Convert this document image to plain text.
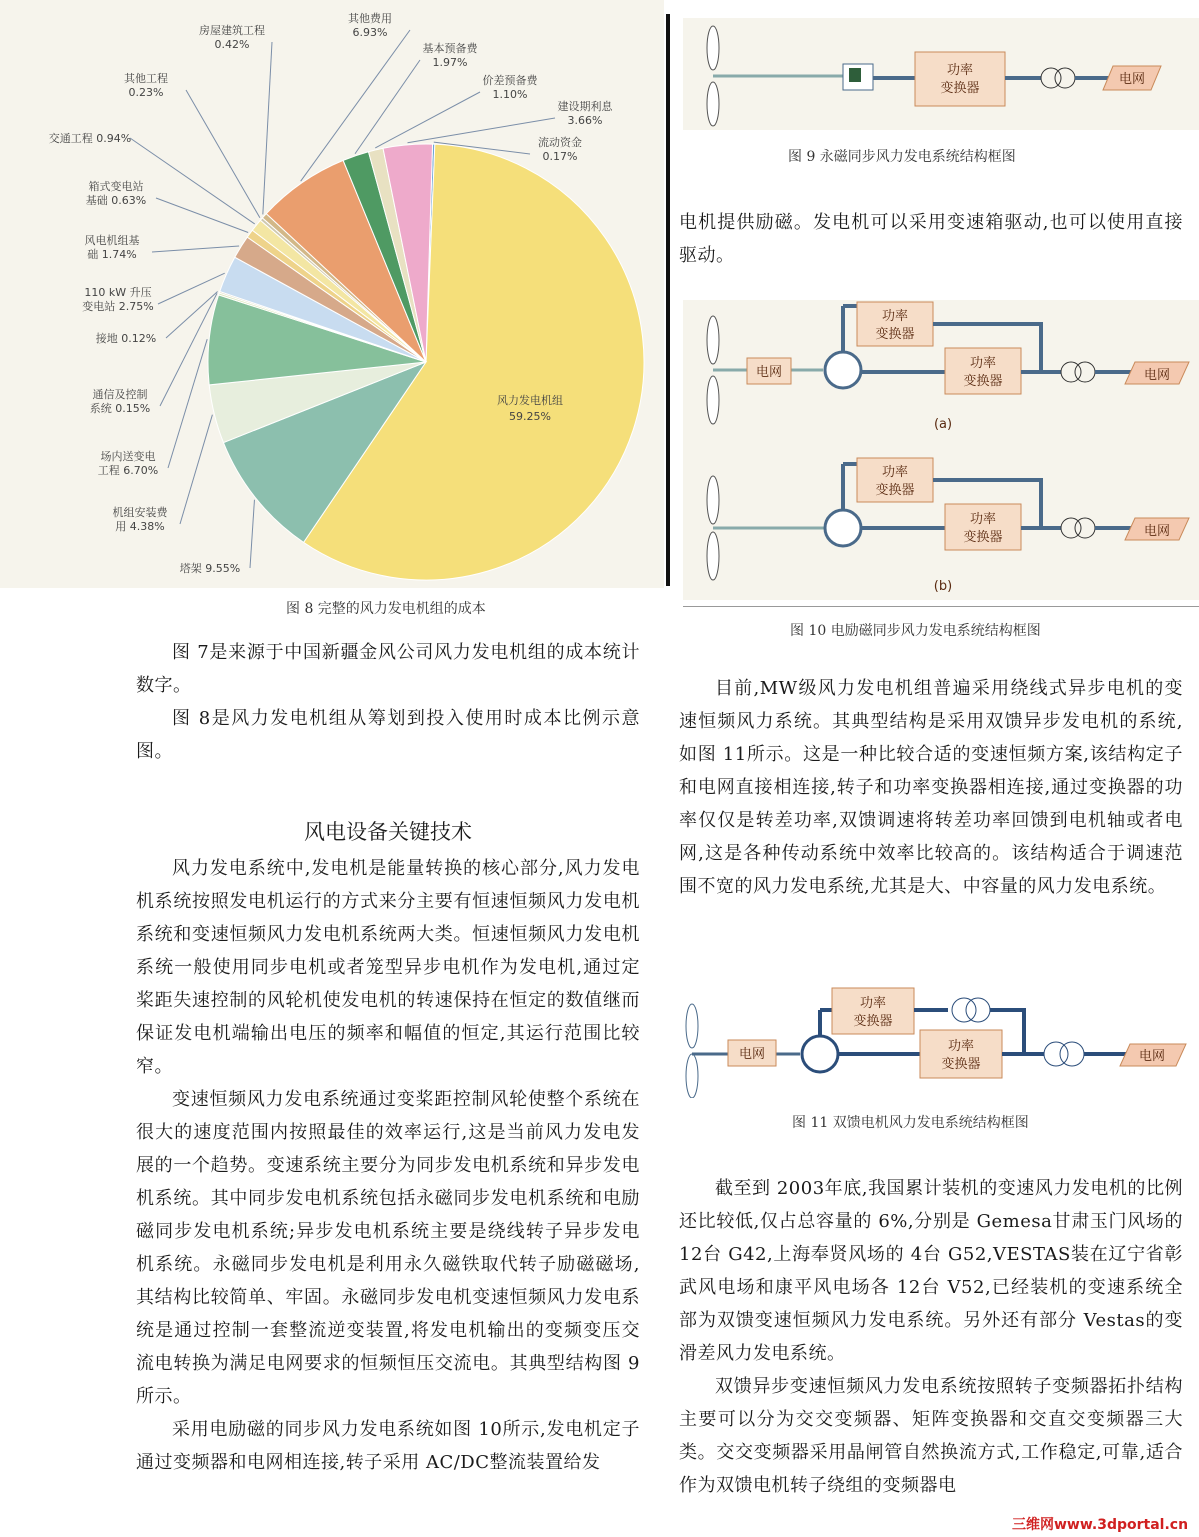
房屋建筑工程 0.42%
其他费用 6.93%
基本预备费 1.97%
价差预备费 1.10%
建设期利息 3.66%
流动资金 0.17%
其他工程 0.23%
交通工程 0.94%
箱式变电站基础 0.63%
风电机组基础 1.74%
110 kW 升压变电站 2.75%
接地 0.12%
通信及控制系统 0.15%
场内送变电工程 6.70%
机组安装费用 4.38%
塔架 9.55%
风力发电机组
59.25%
图 8 完整的风力发电机组的成本
功率
变换器
电网
图 9 永磁同步风力发电系统结构框图

电机提供励磁。发电机可以采用变速箱驱动,也可以使用直接驱动。

电网
功率
变换器
功率
变换器	电网
(a)
功率
变换器
功率
变换器	电网
(b)
图 10 电励磁同步风力发电系统结构框图

目前,MW级风力发电机组普遍采用绕线式异步电机的变速恒频风力系统。其典型结构是采用双馈异步发电机的系统,如图 11所示。这是一种比较合适的变速恒频方案,该结构定子和电网直接相连接,转子和功率变换器相连接,通过变换器的功率仅仅是转差功率,双馈调速将转差功率回馈到电机轴或者电网,这是各种传动系统中效率比较高的。该结构适合于调速范围不宽的风力发电系统,尤其是大、中容量的风力发电系统。

电网
功率
变换器
功率
变换器
电网
图 11 双馈电机风力发电系统结构框图

截至到 2003年底,我国累计装机的变速风力发电机的比例还比较低,仅占总容量的 6%,分别是 Gemesa甘肃玉门风场的 12台 G42,上海奉贤风场的 4台 G52,VESTAS装在辽宁省彰武风电场和康平风电场各 12台 V52,已经装机的变速系统全部为双馈变速恒频风力发电系统。另外还有部分 Vestas的变滑差风力发电系统。

双馈异步变速恒频风力发电系统按照转子变频器拓扑结构主要可以分为交交变频器、矩阵变换器和交直交变频器三大类。交交变频器采用晶闸管自然换流方式,工作稳定,可靠,适合作为双馈电机转子绕组的变频器电

图 7是来源于中国新疆金风公司风力发电机组的成本统计数字。

图 8是风力发电机组从筹划到投入使用时成本比例示意图。

风电设备关键技术

风力发电系统中,发电机是能量转换的核心部分,风力发电机系统按照发电机运行的方式来分主要有恒速恒频风力发电机系统和变速恒频风力发电机系统两大类。恒速恒频风力发电机系统一般使用同步电机或者笼型异步电机作为发电机,通过定桨距失速控制的风轮机使发电机的转速保持在恒定的数值继而保证发电机端输出电压的频率和幅值的恒定,其运行范围比较窄。

变速恒频风力发电系统通过变桨距控制风轮使整个系统在很大的速度范围内按照最佳的效率运行,这是当前风力发电发展的一个趋势。变速系统主要分为同步发电机系统和异步发电机系统。其中同步发电机系统包括永磁同步发电机系统和电励磁同步发电机系统;异步发电机系统主要是绕线转子异步发电机系统。永磁同步发电机是利用永久磁铁取代转子励磁磁场,其结构比较简单、牢固。永磁同步发电机变速恒频风力发电系统是通过控制一套整流逆变装置,将发电机输出的变频变压交流电转换为满足电网要求的恒频恒压交流电。其典型结构图 9所示。

采用电励磁的同步风力发电系统如图 10所示,发电机定子通过变频器和电网相连接,转子采用 AC/DC整流装置给发

三维网www.3dportal.cn
